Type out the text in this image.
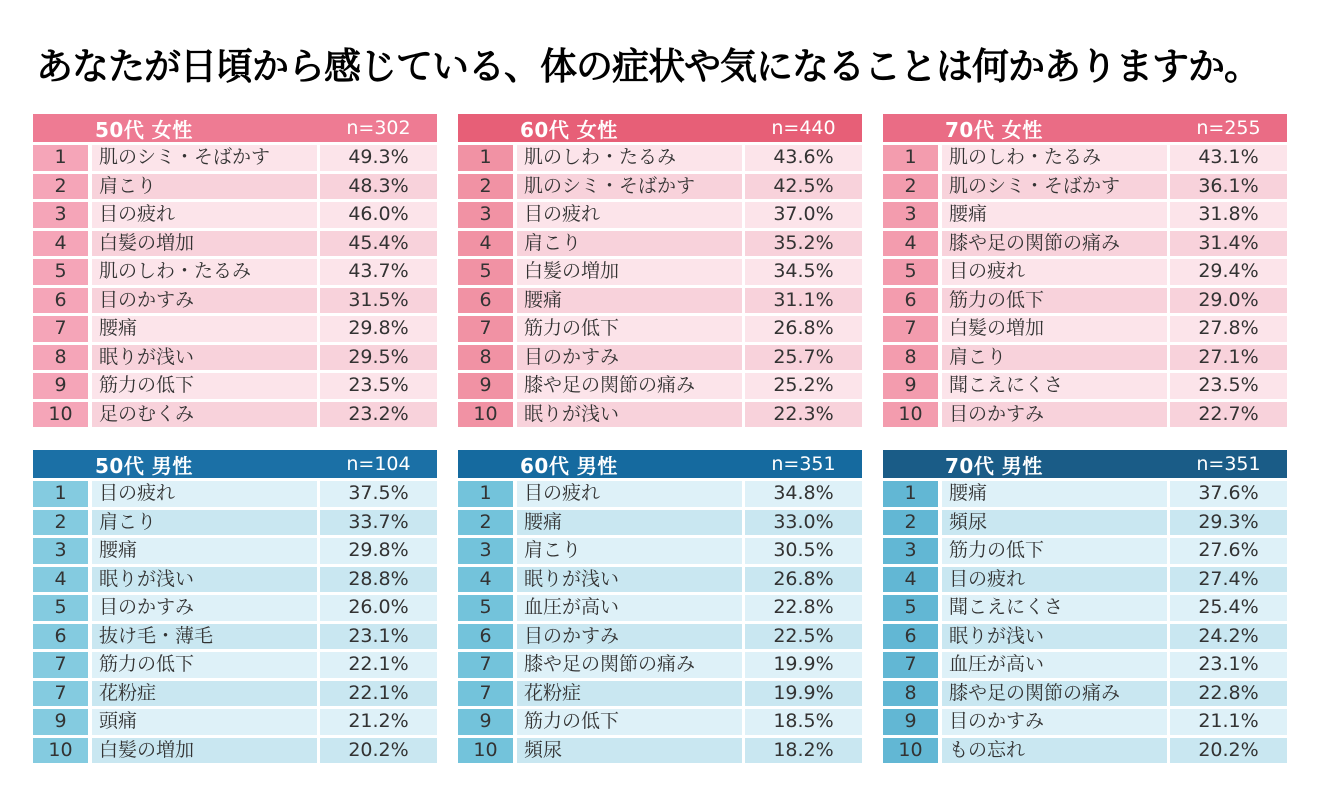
あなたが日頃から感じている、体の症状や気になることは何かありますか。
50代 女性	n=302
1	肌のシミ・そばかす	49.3%
2	肩こり	48.3%
3	目の疲れ	46.0%
4	白髪の増加	45.4%
5	肌のしわ・たるみ	43.7%
6	目のかすみ	31.5%
7	腰痛	29.8%
8	眠りが浅い	29.5%
9	筋力の低下	23.5%
10	足のむくみ	23.2%
60代 女性	n=440
1	肌のしわ・たるみ	43.6%
2	肌のシミ・そばかす	42.5%
3	目の疲れ	37.0%
4	肩こり	35.2%
5	白髪の増加	34.5%
6	腰痛	31.1%
7	筋力の低下	26.8%
8	目のかすみ	25.7%
9	膝や足の関節の痛み	25.2%
10	眠りが浅い	22.3%
70代 女性	n=255
1	肌のしわ・たるみ	43.1%
2	肌のシミ・そばかす	36.1%
3	腰痛	31.8%
4	膝や足の関節の痛み	31.4%
5	目の疲れ	29.4%
6	筋力の低下	29.0%
7	白髪の増加	27.8%
8	肩こり	27.1%
9	聞こえにくさ	23.5%
10	目のかすみ	22.7%
50代 男性	n=104
1	目の疲れ	37.5%
2	肩こり	33.7%
3	腰痛	29.8%
4	眠りが浅い	28.8%
5	目のかすみ	26.0%
6	抜け毛・薄毛	23.1%
7	筋力の低下	22.1%
7	花粉症	22.1%
9	頭痛	21.2%
10	白髪の増加	20.2%
60代 男性	n=351
1	目の疲れ	34.8%
2	腰痛	33.0%
3	肩こり	30.5%
4	眠りが浅い	26.8%
5	血圧が高い	22.8%
6	目のかすみ	22.5%
7	膝や足の関節の痛み	19.9%
7	花粉症	19.9%
9	筋力の低下	18.5%
10	頻尿	18.2%
70代 男性	n=351
1	腰痛	37.6%
2	頻尿	29.3%
3	筋力の低下	27.6%
4	目の疲れ	27.4%
5	聞こえにくさ	25.4%
6	眠りが浅い	24.2%
7	血圧が高い	23.1%
8	膝や足の関節の痛み	22.8%
9	目のかすみ	21.1%
10	もの忘れ	20.2%
